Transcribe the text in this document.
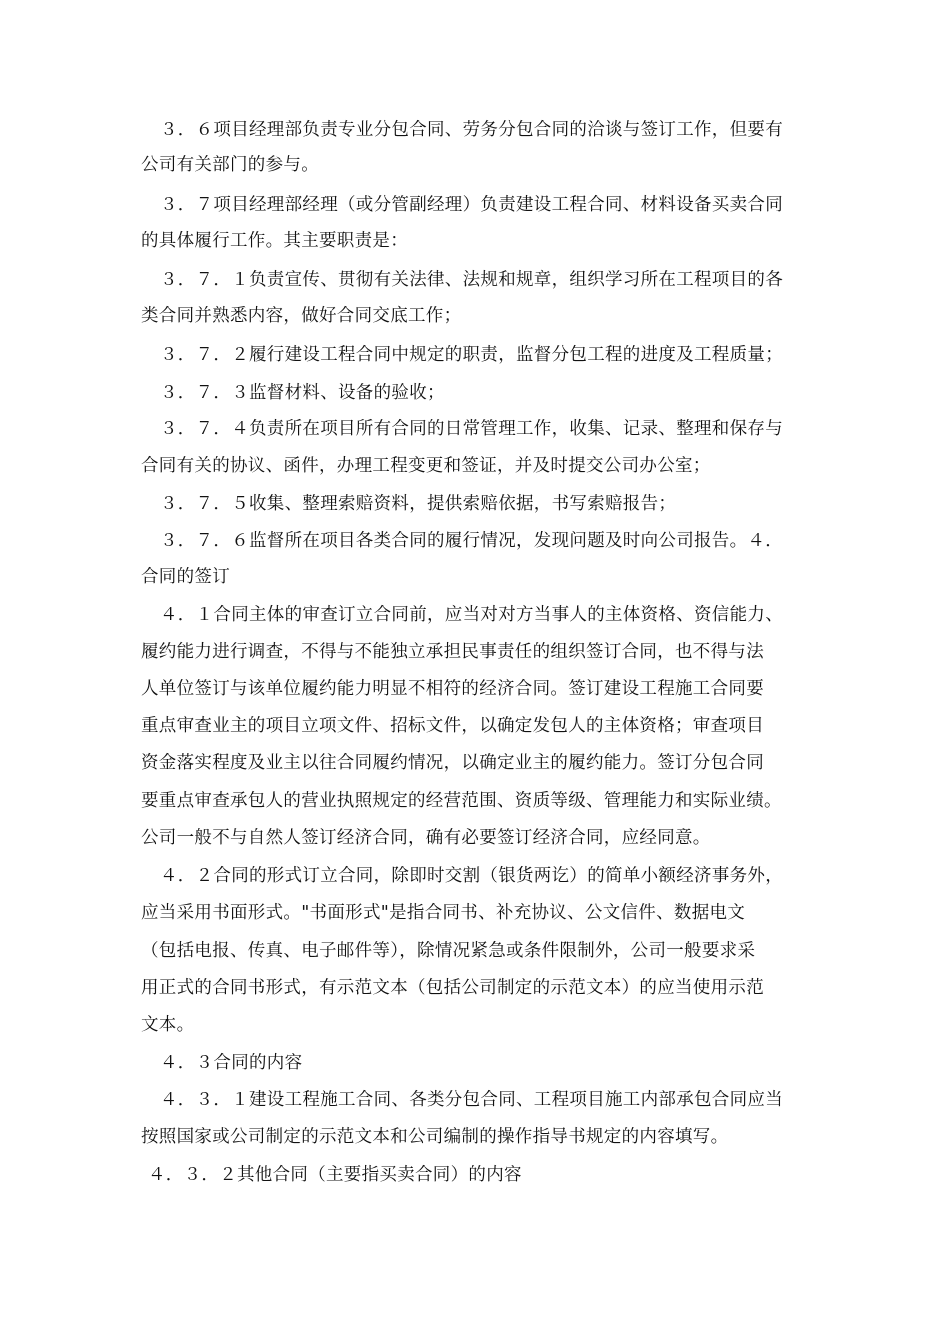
３．６项目经理部负责专业分包合同、劳务分包合同的洽谈与签订工作，但要有
公司有关部门的参与。
３．７项目经理部经理（或分管副经理）负责建设工程合同、材料设备买卖合同
的具体履行工作。其主要职责是：
３．７．１负责宣传、贯彻有关法律、法规和规章，组织学习所在工程项目的各
类合同并熟悉内容，做好合同交底工作；
３．７．２履行建设工程合同中规定的职责，监督分包工程的进度及工程质量；
３．７．３监督材料、设备的验收；
３．７．４负责所在项目所有合同的日常管理工作，收集、记录、整理和保存与
合同有关的协议、函件，办理工程变更和签证，并及时提交公司办公室；
３．７．５收集、整理索赔资料，提供索赔依据，书写索赔报告；
３．７．６监督所在项目各类合同的履行情况，发现问题及时向公司报告。４．
合同的签订
４．１合同主体的审查订立合同前，应当对对方当事人的主体资格、资信能力、
履约能力进行调查，不得与不能独立承担民事责任的组织签订合同，也不得与法
人单位签订与该单位履约能力明显不相符的经济合同。签订建设工程施工合同要
重点审查业主的项目立项文件、招标文件，以确定发包人的主体资格；审查项目
资金落实程度及业主以往合同履约情况，以确定业主的履约能力。签订分包合同
要重点审查承包人的营业执照规定的经营范围、资质等级、管理能力和实际业绩。
公司一般不与自然人签订经济合同，确有必要签订经济合同，应经同意。
４．２合同的形式订立合同，除即时交割（银货两讫）的简单小额经济事务外，
应当采用书面形式。"书面形式"是指合同书、补充协议、公文信件、数据电文
（包括电报、传真、电子邮件等），除情况紧急或条件限制外，公司一般要求采
用正式的合同书形式，有示范文本（包括公司制定的示范文本）的应当使用示范
文本。
４．３合同的内容
４．３．１建设工程施工合同、各类分包合同、工程项目施工内部承包合同应当
按照国家或公司制定的示范文本和公司编制的操作指导书规定的内容填写。
４．３．２其他合同（主要指买卖合同）的内容
